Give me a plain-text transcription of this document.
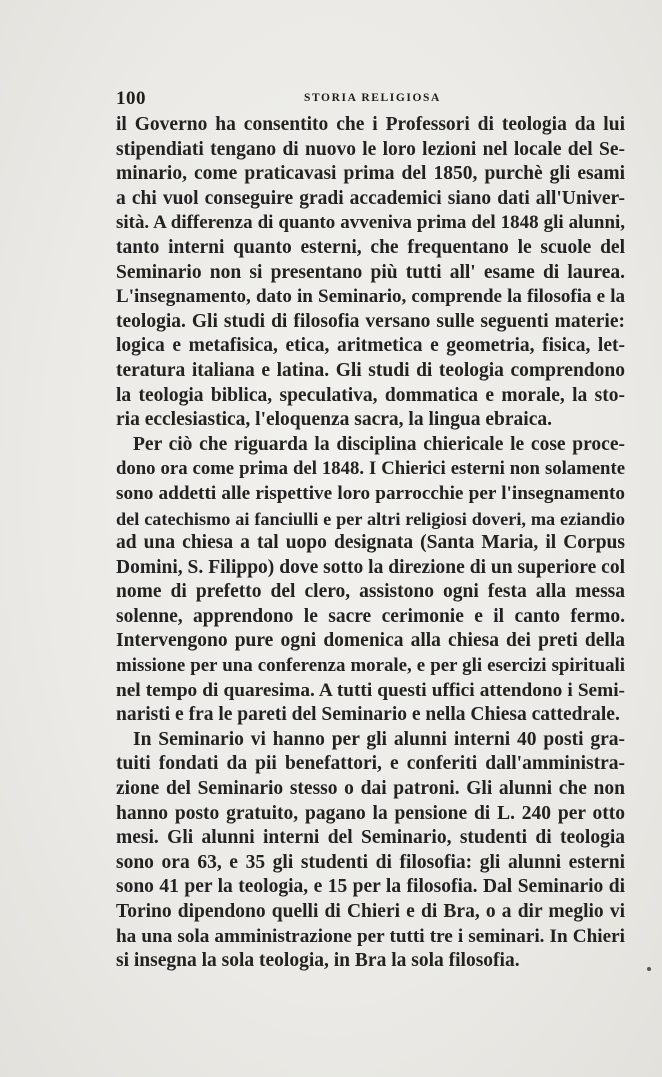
100	STORIA RELIGIOSA
il Governo ha consentito che i Professori di teologia da lui
stipendiati tengano di nuovo le loro lezioni nel locale del Se-
minario, come praticavasi prima del 1850, purchè gli esami
a chi vuol conseguire gradi accademici siano dati all'Univer-
sità. A differenza di quanto avveniva prima del 1848 gli alunni,
tanto interni quanto esterni, che frequentano le scuole del
Seminario non si presentano più tutti all' esame di laurea.
L'insegnamento, dato in Seminario, comprende la filosofia e la
teologia. Gli studi di filosofia versano sulle seguenti materie:
logica e metafisica, etica, aritmetica e geometria, fisica, let-
teratura italiana e latina. Gli studi di teologia comprendono
la teologia biblica, speculativa, dommatica e morale, la sto-
ria ecclesiastica, l'eloquenza sacra, la lingua ebraica.
Per ciò che riguarda la disciplina chiericale le cose proce-
dono ora come prima del 1848. I Chierici esterni non solamente
sono addetti alle rispettive loro parrocchie per l'insegnamento
del catechismo ai fanciulli e per altri religiosi doveri, ma eziandio
ad una chiesa a tal uopo designata (Santa Maria, il Corpus
Domini, S. Filippo) dove sotto la direzione di un superiore col
nome di prefetto del clero, assistono ogni festa alla messa
solenne, apprendono le sacre cerimonie e il canto fermo.
Intervengono pure ogni domenica alla chiesa dei preti della
missione per una conferenza morale, e per gli esercizi spirituali
nel tempo di quaresima. A tutti questi uffici attendono i Semi-
naristi e fra le pareti del Seminario e nella Chiesa cattedrale.
In Seminario vi hanno per gli alunni interni 40 posti gra-
tuiti fondati da pii benefattori, e conferiti dall'amministra-
zione del Seminario stesso o dai patroni. Gli alunni che non
hanno posto gratuito, pagano la pensione di L. 240 per otto
mesi. Gli alunni interni del Seminario, studenti di teologia
sono ora 63, e 35 gli studenti di filosofia: gli alunni esterni
sono 41 per la teologia, e 15 per la filosofia. Dal Seminario di
Torino dipendono quelli di Chieri e di Bra, o a dir meglio vi
ha una sola amministrazione per tutti tre i seminari. In Chieri
si insegna la sola teologia, in Bra la sola filosofia.
